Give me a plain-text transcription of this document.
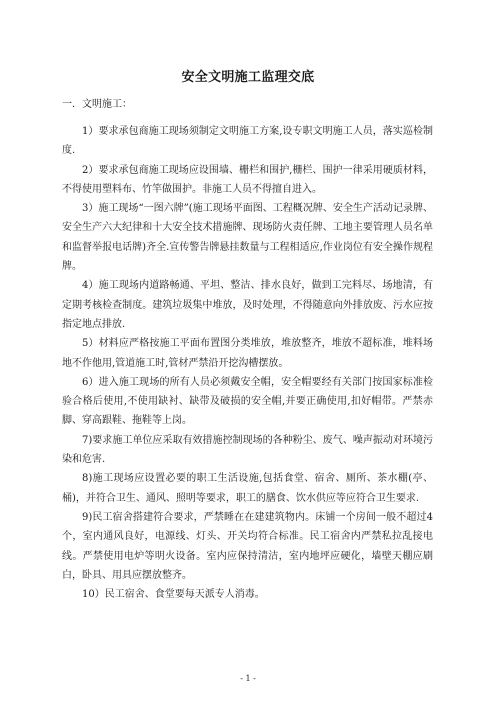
安全文明施工监理交底
一．文明施工：

1）要求承包商施工现场须制定文明施工方案,设专职文明施工人员，落实巡检制度.

2）要求承包商施工现场应设围墙、栅栏和围护,栅栏、围护一律采用硬质材料，不得使用塑料布、竹竿做围护。非施工人员不得擅自进入。

3）施工现场“一图六牌”(施工现场平面图、工程概况牌、安全生产活动记录牌、安全生产六大纪律和十大安全技术措施牌、现场防火责任牌、工地主要管理人员名单和监督举报电话牌)齐全.宣传警告牌悬挂数量与工程相适应,作业岗位有安全操作规程牌。

4）施工现场内道路畅通、平坦、整洁、排水良好，做到工完料尽、场地清，有定期考核检查制度。建筑垃圾集中堆放，及时处理，不得随意向外排放废、污水应按指定地点排放.

5）材料应严格按施工平面布置图分类堆放，堆放整齐，堆放不超标准，堆料场地不作他用,管道施工时,管材严禁沿开挖沟槽摆放。

6）进入施工现场的所有人员必须戴安全帽，安全帽要经有关部门按国家标准检验合格后使用,不使用缺衬、缺带及破损的安全帽,并要正确使用,扣好帽带。严禁赤脚、穿高跟鞋、拖鞋等上岗。

7)要求施工单位应采取有效措施控制现场的各种粉尘、废气、噪声振动对环境污染和危害.

8)施工现场应设置必要的职工生活设施,包括食堂、宿舍、厕所、茶水棚(亭、桶)，并符合卫生、通风、照明等要求，职工的膳食、饮水供应等应符合卫生要求.

9)民工宿舍搭建符合要求，严禁睡在在建建筑物内。床铺一个房间一般不超过4个，室内通风良好，电源线、灯头、开关均符合标准。民工宿舍内严禁私拉乱接电线。严禁使用电炉等明火设备。室内应保持清洁，室内地坪应硬化，墙壁天棚应刷白，卧具、用具应摆放整齐。

10）民工宿舍、食堂要每天派专人消毒。

- 1 -
